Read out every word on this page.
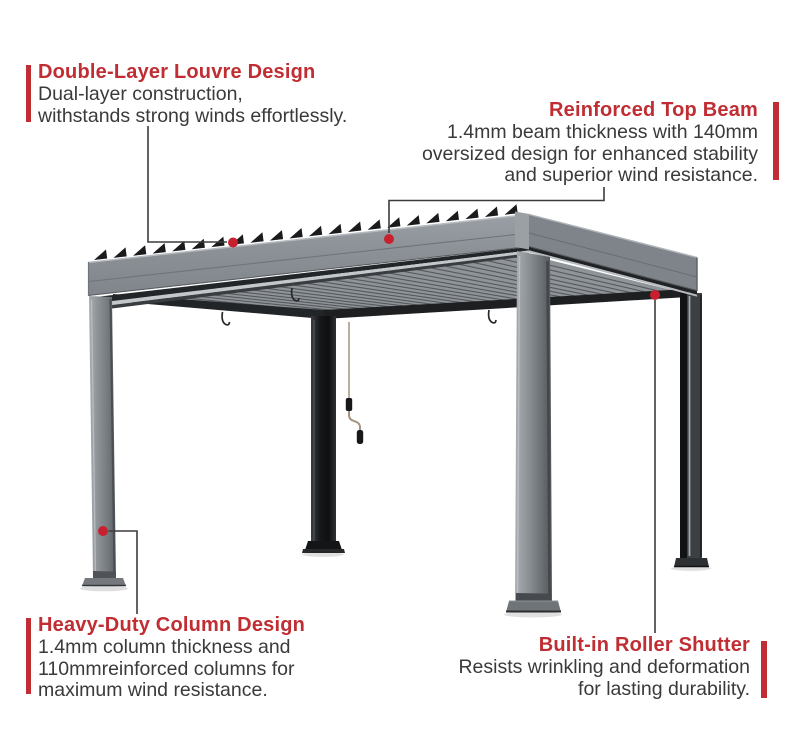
Double-Layer Louvre Design

Dual-layer construction,

withstands strong winds effortlessly.	Reinforced Top Beam

1.4mm beam thickness with 140mm

oversized design for enhanced stability

and superior wind resistance.

Heavy-Duty Column Design

1.4mm column thickness and

110mmreinforced columns for

maximum wind resistance.

Built-in Roller Shutter

Resists wrinkling and deformation

for lasting durability.
